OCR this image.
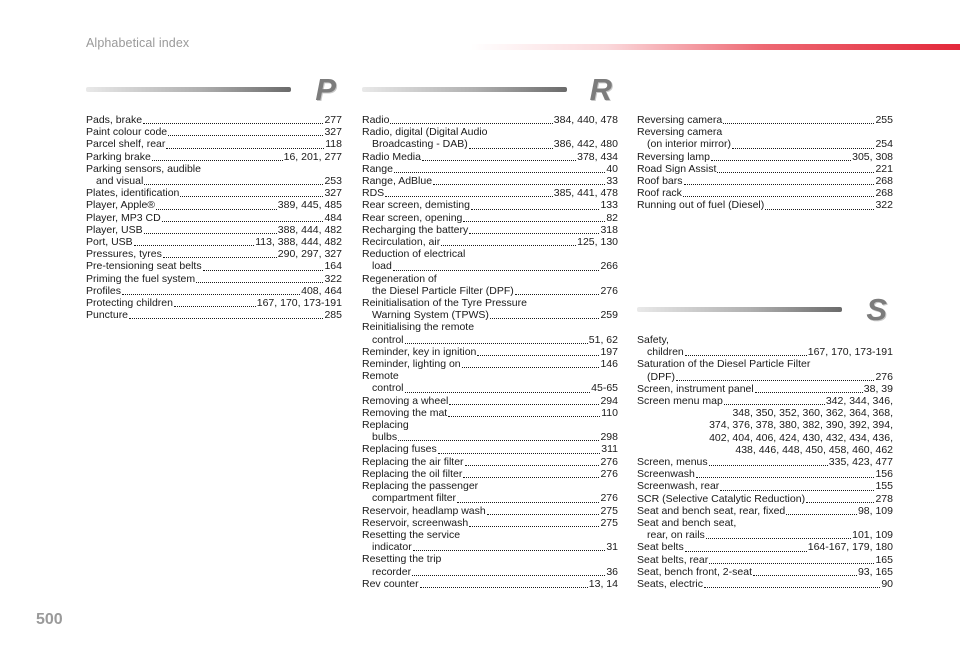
Alphabetical index
P
Pads, brake	277
Paint colour code	327
Parcel shelf, rear	118
Parking brake	16, 201, 277
Parking sensors, audible
and visual	253
Plates, identification	327
Player, Apple®	389, 445, 485
Player, MP3 CD	484
Player, USB	388, 444, 482
Port, USB	113, 388, 444, 482
Pressures, tyres	290, 297, 327
Pre-tensioning seat belts	164
Priming the fuel system	322
Profiles	408, 464
Protecting children	167, 170, 173-191
Puncture	285
R
Radio	384, 440, 478
Radio, digital (Digital Audio
Broadcasting - DAB)	386, 442, 480
Radio Media	378, 434
Range	40
Range, AdBlue	33
RDS	385, 441, 478
Rear screen, demisting	133
Rear screen, opening	82
Recharging the battery	318
Recirculation, air	125, 130
Reduction of electrical
load	266
Regeneration of
the Diesel Particle Filter (DPF)	276
Reinitialisation of the Tyre Pressure
Warning System (TPWS)	259
Reinitialising the remote
control	51, 62
Reminder, key in ignition	197
Reminder, lighting on	146
Remote
control	45-65
Removing a wheel	294
Removing the mat	110
Replacing
bulbs	298
Replacing fuses	311
Replacing the air filter	276
Replacing the oil filter	276
Replacing the passenger
compartment filter	276
Reservoir, headlamp wash	275
Reservoir, screenwash	275
Resetting the service
indicator	31
Resetting the trip
recorder	36
Rev counter	13, 14
Reversing camera	255
Reversing camera
(on interior mirror)	254
Reversing lamp	305, 308
Road Sign Assist	221
Roof bars	268
Roof rack	268
Running out of fuel (Diesel)	322
S
Safety,
children	167, 170, 173-191
Saturation of the Diesel Particle Filter
(DPF)	276
Screen, instrument panel	38, 39
Screen menu map	342, 344, 346,
348, 350, 352, 360, 362, 364, 368,
374, 376, 378, 380, 382, 390, 392, 394,
402, 404, 406, 424, 430, 432, 434, 436,
438, 446, 448, 450, 458, 460, 462
Screen, menus	335, 423, 477
Screenwash	156
Screenwash, rear	155
SCR (Selective Catalytic Reduction)	278
Seat and bench seat, rear, fixed	98, 109
Seat and bench seat,
rear, on rails	101, 109
Seat belts	164-167, 179, 180
Seat belts, rear	165
Seat, bench front, 2-seat	93, 165
Seats, electric	90
500
